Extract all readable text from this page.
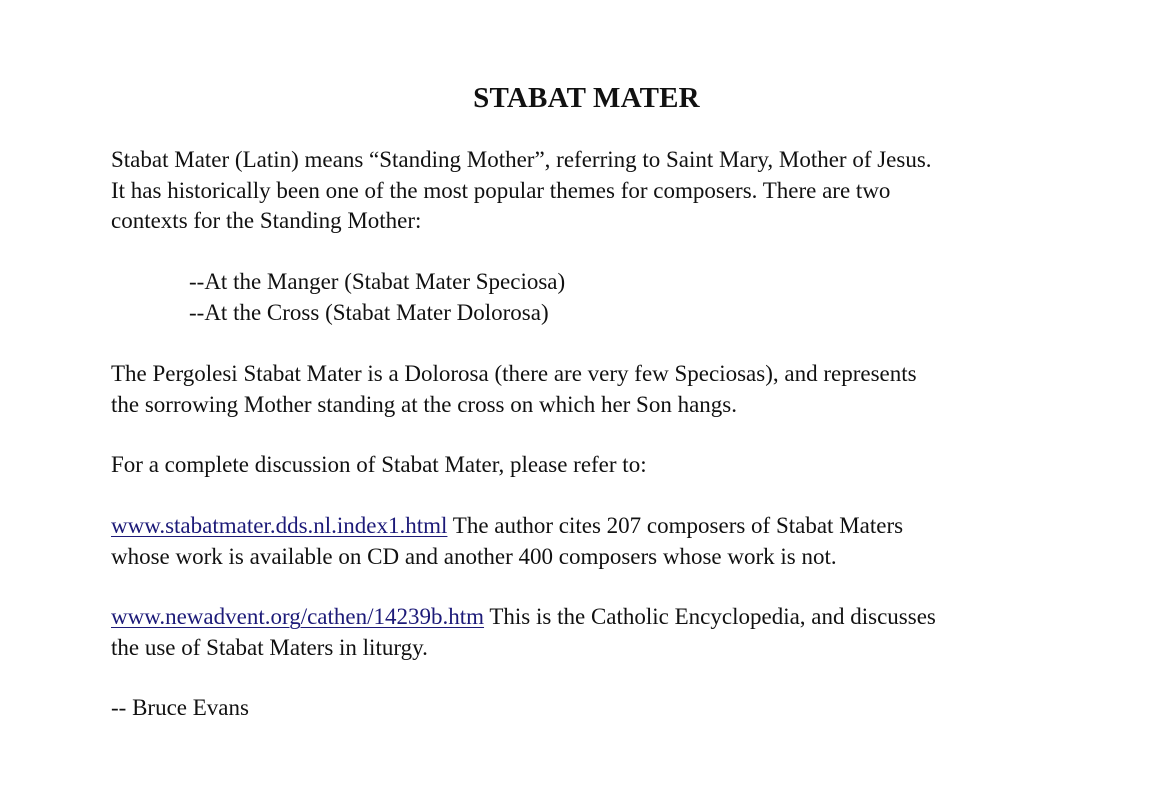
STABAT MATER

Stabat Mater (Latin) means “Standing Mother”, referring to Saint Mary, Mother of Jesus.
It has historically been one of the most popular themes for composers. There are two
contexts for the Standing Mother:

--At the Manger (Stabat Mater Speciosa)
--At the Cross (Stabat Mater Dolorosa)

The Pergolesi Stabat Mater is a Dolorosa (there are very few Speciosas), and represents
the sorrowing Mother standing at the cross on which her Son hangs.

For a complete discussion of Stabat Mater, please refer to:

www.stabatmater.dds.nl.index1.html The author cites 207 composers of Stabat Maters
whose work is available on CD and another 400 composers whose work is not.

www.newadvent.org/cathen/14239b.htm This is the Catholic Encyclopedia, and discusses
the use of Stabat Maters in liturgy.

-- Bruce Evans
